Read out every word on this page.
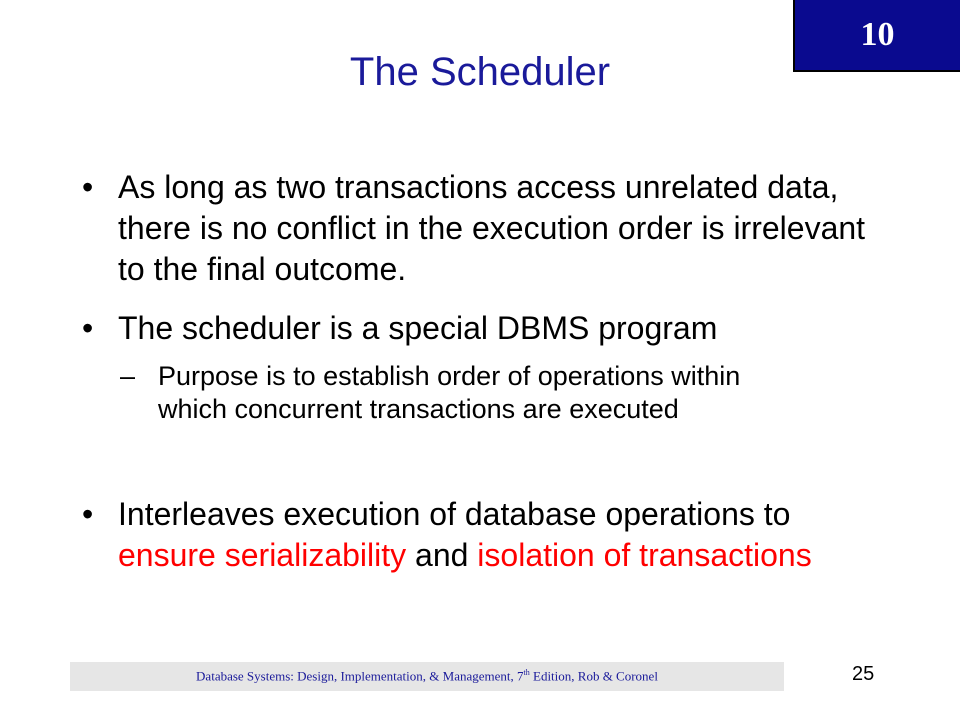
10
The Scheduler
• As long as two transactions access unrelated data, there is no conflict in the execution order is irrelevant to the final outcome.
• The scheduler is a special DBMS program
– Purpose is to establish order of operations within which concurrent transactions are executed
• Interleaves execution of database operations to ensure serializability and isolation of transactions
Database Systems: Design, Implementation, & Management, 7th Edition, Rob & Coronel	25
